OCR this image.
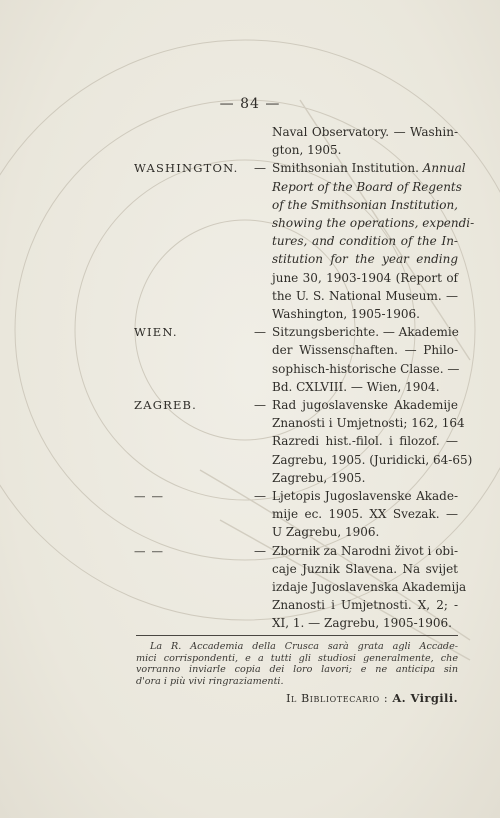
— 84 —
Naval Observatory. — Washin-
gton, 1905.
WASHINGTON. — Smithsonian Institution. Annual
Report of the Board of Regents
of the Smithsonian Institution,
showing the operations, expendi-
tures, and condition of the In-
stitution for the year ending
june 30, 1903-1904 (Report of
the U. S. National Museum. —
Washington, 1905-1906.
WIEN.	— Sitzungsberichte. — Akademie
der Wissenschaften. — Philo-
sophisch-historische Classe. —
Bd. CXLVIII. — Wien, 1904.
ZAGREB.	— Rad jugoslavenske Akademije
Znanosti i Umjetnosti; 162, 164
Razredi hist.-filol. i filozof. —
Zagrebu, 1905. (Juridicki, 64-65)
Zagrebu, 1905.
— —	— Ljetopis Jugoslavenske Akade-
mije ec. 1905. XX Svezak. —
U Zagrebu, 1906.
— —	— Zbornik za Narodni život i obi-
caje Juznik Slavena. Na svijet
izdaje Jugoslavenska Akademija
Znanosti i Umjetnosti. X, 2; -
XI, 1. — Zagrebu, 1905-1906.
La R. Accademia della Crusca sarà grata agli Accade-
mici corrispondenti, e a tutti gli studiosi generalmente, che
vorranno inviarle copia dei loro lavori; e ne anticipa sin
d'ora i più vivi ringraziamenti.
Il Bibliotecario : A. Virgili.
